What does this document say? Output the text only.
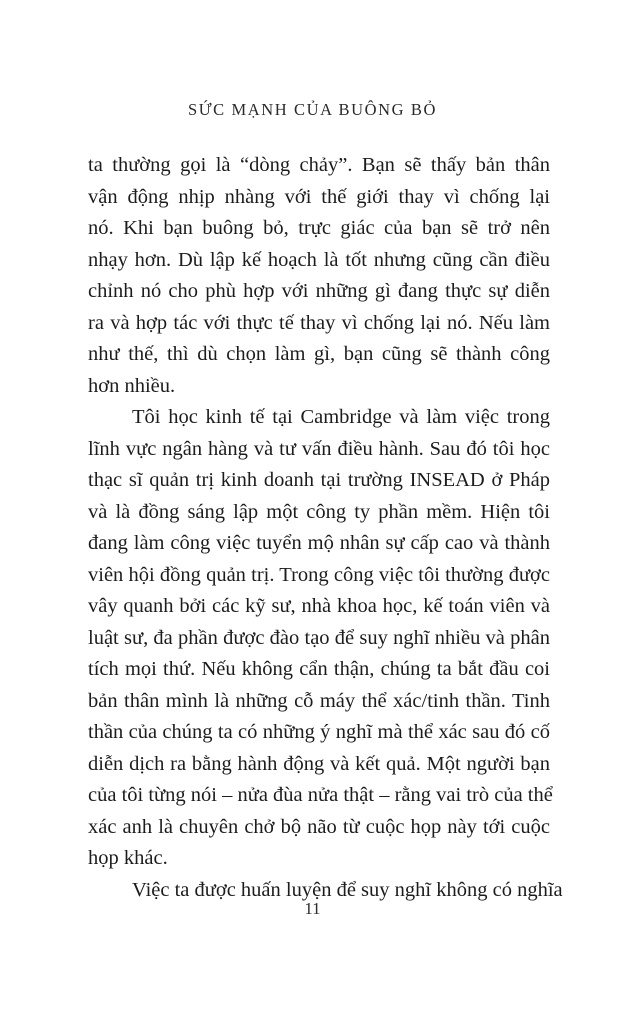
SỨC MẠNH CỦA BUÔNG BỎ
ta thường gọi là “dòng chảy”. Bạn sẽ thấy bản thân
vận động nhịp nhàng với thế giới thay vì chống lại
nó. Khi bạn buông bỏ, trực giác của bạn sẽ trở nên
nhạy hơn. Dù lập kế hoạch là tốt nhưng cũng cần điều
chỉnh nó cho phù hợp với những gì đang thực sự diễn
ra và hợp tác với thực tế thay vì chống lại nó. Nếu làm
như thế, thì dù chọn làm gì, bạn cũng sẽ thành công
hơn nhiều.
Tôi học kinh tế tại Cambridge và làm việc trong
lĩnh vực ngân hàng và tư vấn điều hành. Sau đó tôi học
thạc sĩ quản trị kinh doanh tại trường INSEAD ở Pháp
và là đồng sáng lập một công ty phần mềm. Hiện tôi
đang làm công việc tuyển mộ nhân sự cấp cao và thành
viên hội đồng quản trị. Trong công việc tôi thường được
vây quanh bởi các kỹ sư, nhà khoa học, kế toán viên và
luật sư, đa phần được đào tạo để suy nghĩ nhiều và phân
tích mọi thứ. Nếu không cẩn thận, chúng ta bắt đầu coi
bản thân mình là những cỗ máy thể xác/tinh thần. Tinh
thần của chúng ta có những ý nghĩ mà thể xác sau đó cố
diễn dịch ra bằng hành động và kết quả. Một người bạn
của tôi từng nói – nửa đùa nửa thật – rằng vai trò của thể
xác anh là chuyên chở bộ não từ cuộc họp này tới cuộc
họp khác.
Việc ta được huấn luyện để suy nghĩ không có nghĩa
11
